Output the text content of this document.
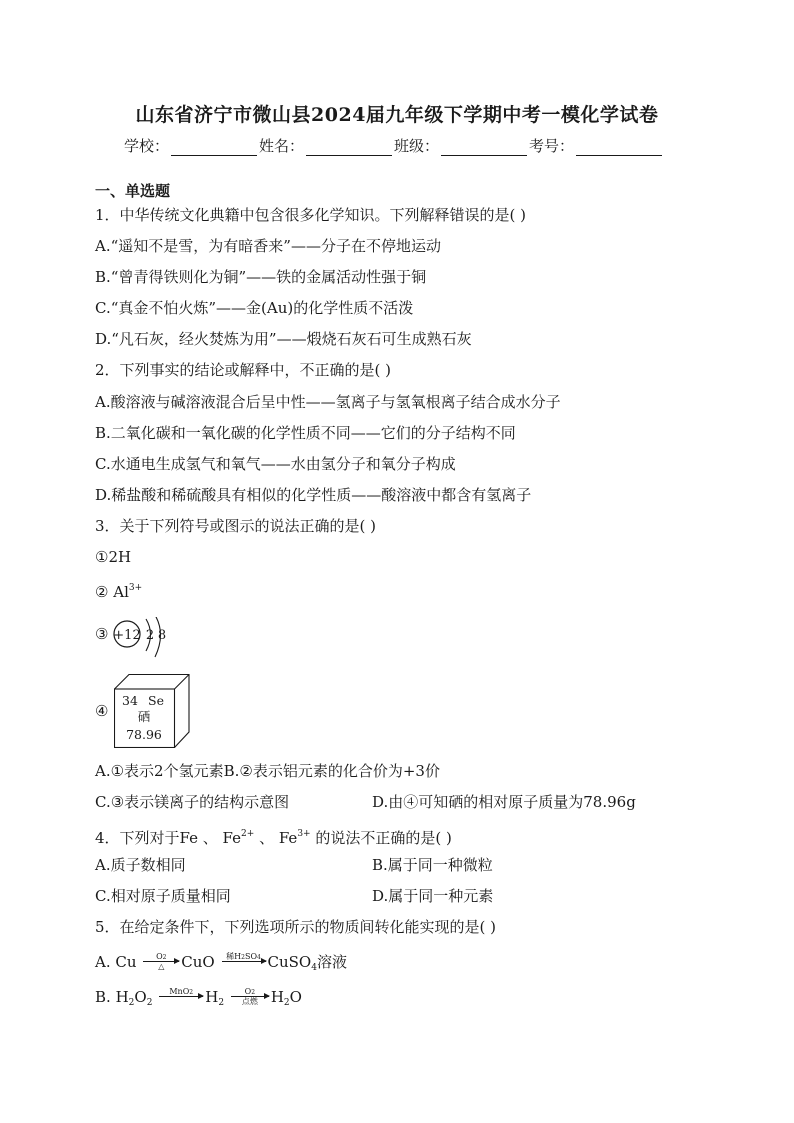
山东省济宁市微山县2024届九年级下学期中考一模化学试卷
学校：	姓名：	班级：	考号：
一、单选题
1．中华传统文化典籍中包含很多化学知识。下列解释错误的是( )
A.“遥知不是雪，为有暗香来”——分子在不停地运动
B.“曾青得铁则化为铜”——铁的金属活动性强于铜
C.“真金不怕火炼”——金(Au)的化学性质不活泼
D.“凡石灰，经火焚炼为用”——煅烧石灰石可生成熟石灰
2．下列事实的结论或解释中，不正确的是( )
A.酸溶液与碱溶液混合后呈中性——氢离子与氢氧根离子结合成水分子
B.二氧化碳和一氧化碳的化学性质不同——它们的分子结构不同
C.水通电生成氢气和氧气——水由氢分子和氧分子构成
D.稀盐酸和稀硫酸具有相似的化学性质——酸溶液中都含有氢离子
3．关于下列符号或图示的说法正确的是( )
①2H
② $Al^{3+}$
③ +12 2 8
④
34 Se
硒
78.96
A.①表示2个氢元素B.②表示铝元素的化合价为+3价
C.③表示镁离子的结构示意图	D.由④可知硒的相对原子质量为78.96g
4．下列对于Fe 、 $Fe^{2+}$ 、 $Fe^{3+}$ 的说法不正确的是( )
A.质子数相同	B.属于同一种微粒
C.相对原子质量相同	D.属于同一种元素
5．在给定条件下，下列选项所示的物质间转化能实现的是( )
A. Cu O2
△ CuO 稀H2SO4 CuSO$_4$溶液
B. $H_2O_2$
MnO2 $H_2$
O2
点燃 $H_2O$
